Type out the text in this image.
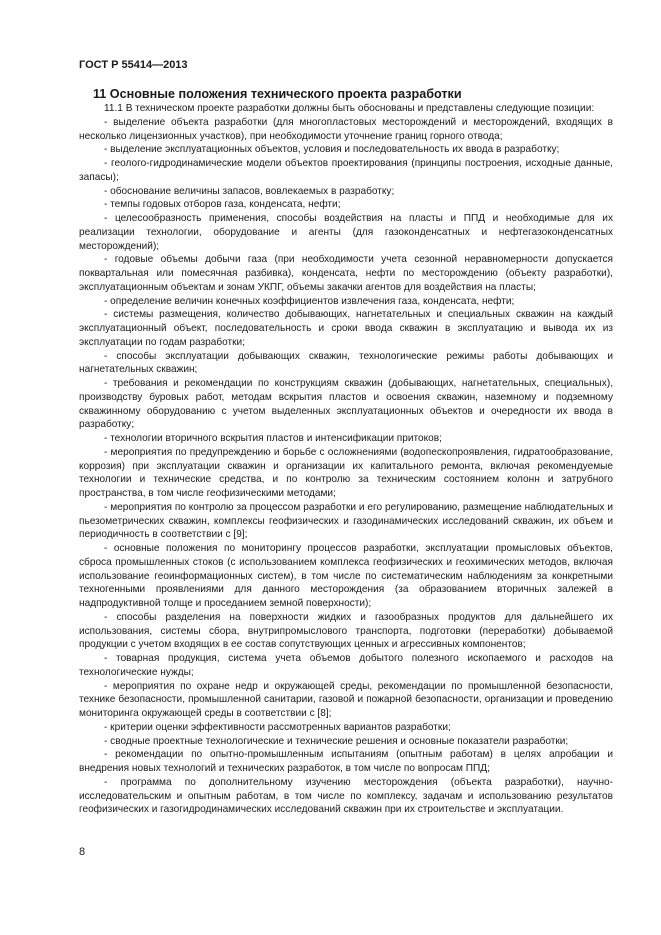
ГОСТ Р 55414—2013
11 Основные положения технического проекта разработки

11.1 В техническом проекте разработки должны быть обоснованы и представлены следующие позиции:

- выделение объекта разработки (для многопластовых месторождений и месторождений, входящих в несколько лицензионных участков), при необходимости уточнение границ горного отвода;

- выделение эксплуатационных объектов, условия и последовательность их ввода в разработку;

- геолого-гидродинамические модели объектов проектирования (принципы построения, исходные данные, запасы);

- обоснование величины запасов, вовлекаемых в разработку;

- темпы годовых отборов газа, конденсата, нефти;

- целесообразность применения, способы воздействия на пласты и ППД и необходимые для их реализации технологии, оборудование и агенты (для газоконденсатных и нефтегазоконденсатных месторождений);

- годовые объемы добычи газа (при необходимости учета сезонной неравномерности допускается поквартальная или помесячная разбивка), конденсата, нефти по месторождению (объекту разработки), эксплуатационным объектам и зонам УКПГ, объемы закачки агентов для воздействия на пласты;

- определение величин конечных коэффициентов извлечения газа, конденсата, нефти;

- системы размещения, количество добывающих, нагнетательных и специальных скважин на каждый эксплуатационный объект, последовательность и сроки ввода скважин в эксплуатацию и вывода их из эксплуатации по годам разработки;

- способы эксплуатации добывающих скважин, технологические режимы работы добывающих и нагнетательных скважин;

- требования и рекомендации по конструкциям скважин (добывающих, нагнетательных, специальных), производству буровых работ, методам вскрытия пластов и освоения скважин, наземному и подземному скважинному оборудованию с учетом выделенных эксплуатационных объектов и очередности их ввода в разработку;

- технологии вторичного вскрытия пластов и интенсификации притоков;

- мероприятия по предупреждению и борьбе с осложнениями (водопескопроявления, гидратообразование, коррозия) при эксплуатации скважин и организации их капитального ремонта, включая рекомендуемые технологии и технические средства, и по контролю за техническим состоянием колонн и затрубного пространства, в том числе геофизическими методами;

- мероприятия по контролю за процессом разработки и его регулированию, размещение наблюдательных и пьезометрических скважин, комплексы геофизических и газодинамических исследований скважин, их объем и периодичность в соответствии с [9];

- основные положения по мониторингу процессов разработки, эксплуатации промысловых объектов, сброса промышленных стоков (с использованием комплекса геофизических и геохимических методов, включая использование геоинформационных систем), в том числе по систематическим наблюдениям за конкретными техногенными проявлениями для данного месторождения (за образованием вторичных залежей в надпродуктивной толще и проседанием земной поверхности);

- способы разделения на поверхности жидких и газообразных продуктов для дальнейшего их использования, системы сбора, внутрипромыслового транспорта, подготовки (переработки) добываемой продукции с учетом входящих в ее состав сопутствующих ценных и агрессивных компонентов;

- товарная продукция, система учета объемов добытого полезного ископаемого и расходов на технологические нужды;

- мероприятия по охране недр и окружающей среды, рекомендации по промышленной безопасности, технике безопасности, промышленной санитарии, газовой и пожарной безопасности, организации и проведению мониторинга окружающей среды в соответствии с [8];

- критерии оценки эффективности рассмотренных вариантов разработки;

- сводные проектные технологические и технические решения и основные показатели разработки;

- рекомендации по опытно-промышленным испытаниям (опытным работам) в целях апробации и внедрения новых технологий и технических разработок, в том числе по вопросам ППД;

- программа по дополнительному изучению месторождения (объекта разработки), научно-исследовательским и опытным работам, в том числе по комплексу, задачам и использованию результатов геофизических и газогидродинамических исследований скважин при их строительстве и эксплуатации.

8
